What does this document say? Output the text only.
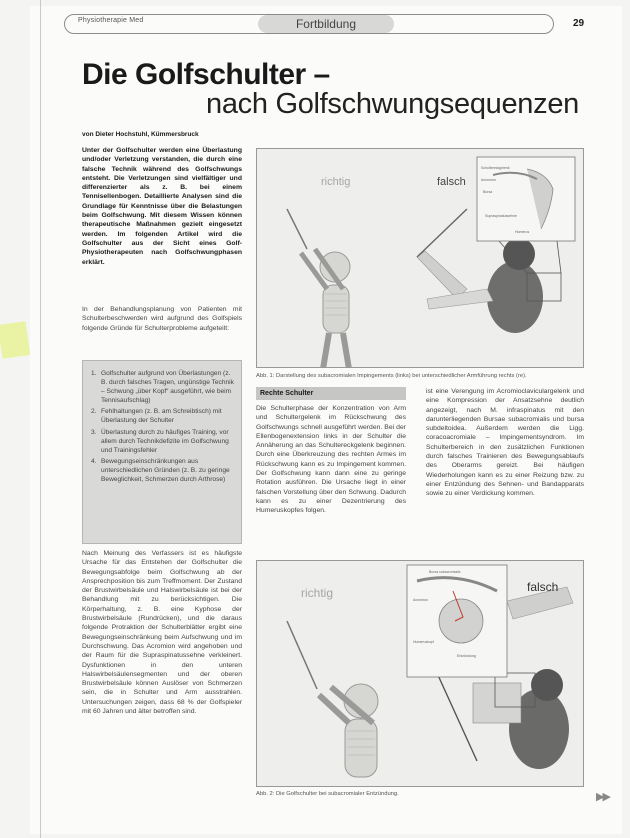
Physiotherapie Med	Fortbildung	29
Die Golfschulter –
nach Golfschwungsequenzen
von Dieter Hochstuhl, Kümmersbruck

Unter der Golfschulter werden eine Überlastung und/oder Verletzung verstanden, die durch eine falsche Technik während des Golfschwungs entsteht. Die Verletzungen sind vielfältiger und differenzierter als z. B. bei einem Tennisellenbogen. Detaillierte Analysen sind die Grundlage für Kenntnisse über die Belastungen beim Golfschwung. Mit diesem Wissen können therapeutische Maßnahmen gezielt eingesetzt werden. Im folgenden Artikel wird die Golfschulter aus der Sicht eines Golf-Physiotherapeuten nach Golfschwungphasen erklärt.

In der Behandlungsplanung von Patienten mit Schulterbeschwerden wird aufgrund des Golfspiels folgende Gründe für Schulterprobleme aufgeteilt:

1. Golfschulter aufgrund von Überlastungen (z. B. durch falsches Tragen, ungünstige Technik – Schwung „über Kopf“ ausgeführt, wie beim Tennisaufschlag)
2. Fehlhaltungen (z. B. am Schreibtisch) mit Überlastung der Schulter
3. Überlastung durch zu häufiges Training, vor allem durch Technikdefizite im Golfschwung und Trainingsfehler
4. Bewegungseinschränkungen aus unterschiedlichen Gründen (z. B. zu geringe Beweglichkeit, Schmerzen durch Arthrose)

Nach Meinung des Verfassers ist es häufigste Ursache für das Entstehen der Golfschulter die Bewegungsabfolge beim Golfschwung ab der Ansprechposition bis zum Treffmoment. Der Zustand der Brustwirbelsäule und Halswirbelsäule ist bei der Behandlung mit zu berücksichtigen. Die Körperhaltung, z. B. eine Kyphose der Brustwirbelsäule (Rundrücken), und die daraus folgende Protraktion der Schulterblätter ergibt eine Bewegungseinschränkung beim Aufschwung und im Durchschwung. Das Acromion wird angehoben und der Raum für die Supraspinatussehne verkleinert. Dysfunktionen in den unteren Halswirbelsäulensegmenten und der oberen Brustwirbelsäule können Auslöser von Schmerzen sein, die in Schulter und Arm ausstrahlen. Untersuchungen zeigen, dass 68 % der Golfspieler mit 60 Jahren und älter betroffen sind.

Schultereckgelenk
Acromion
Bursa
Supraspinatussehne
Humerus
richtig	falsch
Abb. 1: Darstellung des subacromialen Impingements (links) bei unterschiedlicher Armführung rechts (re).
Rechte Schulter

Die Schulterphase der Konzentration von Arm und Schultergelenk im Rückschwung des Golfschwungs schnell ausgeführt werden. Bei der Ellenbogenextension links in der Schulter die Annäherung an das Schultereckgelenk beginnen. Durch eine Überkreuzung des rechten Armes im Rückschwung kann es zu Impingement kommen. Der Golfschwung kann dann eine zu geringe Rotation ausführen. Die Ursache liegt in einer falschen Vorstellung über den Schwung. Dadurch kann es zu einer Dezentrierung des Humeruskopfes folgen.

ist eine Verengung im Acromioclaviculargelenk und eine Kompression der Ansatzsehne deutlich angezeigt, nach M. infraspinatus mit den darunterliegenden Bursae subacromialis und bursa subdeltoidea. Außerdem werden die Ligg. coracoacromiale – Impingementsyndrom. Im Schulterbereich in den zusätzlichen Funktionen durch falsches Trainieren des Bewegungsablaufs des Oberarms gereizt. Bei häufigen Wiederholungen kann es zu einer Reizung bzw. zu einer Entzündung des Sehnen- und Bandapparats sowie zu einer Verdickung kommen.

Bursa subacromialis
Acromion
Humeruskopf
Entzündung
richtig	falsch
Abb. 2: Die Golfschulter bei subacromialer Entzündung.	▶▶
